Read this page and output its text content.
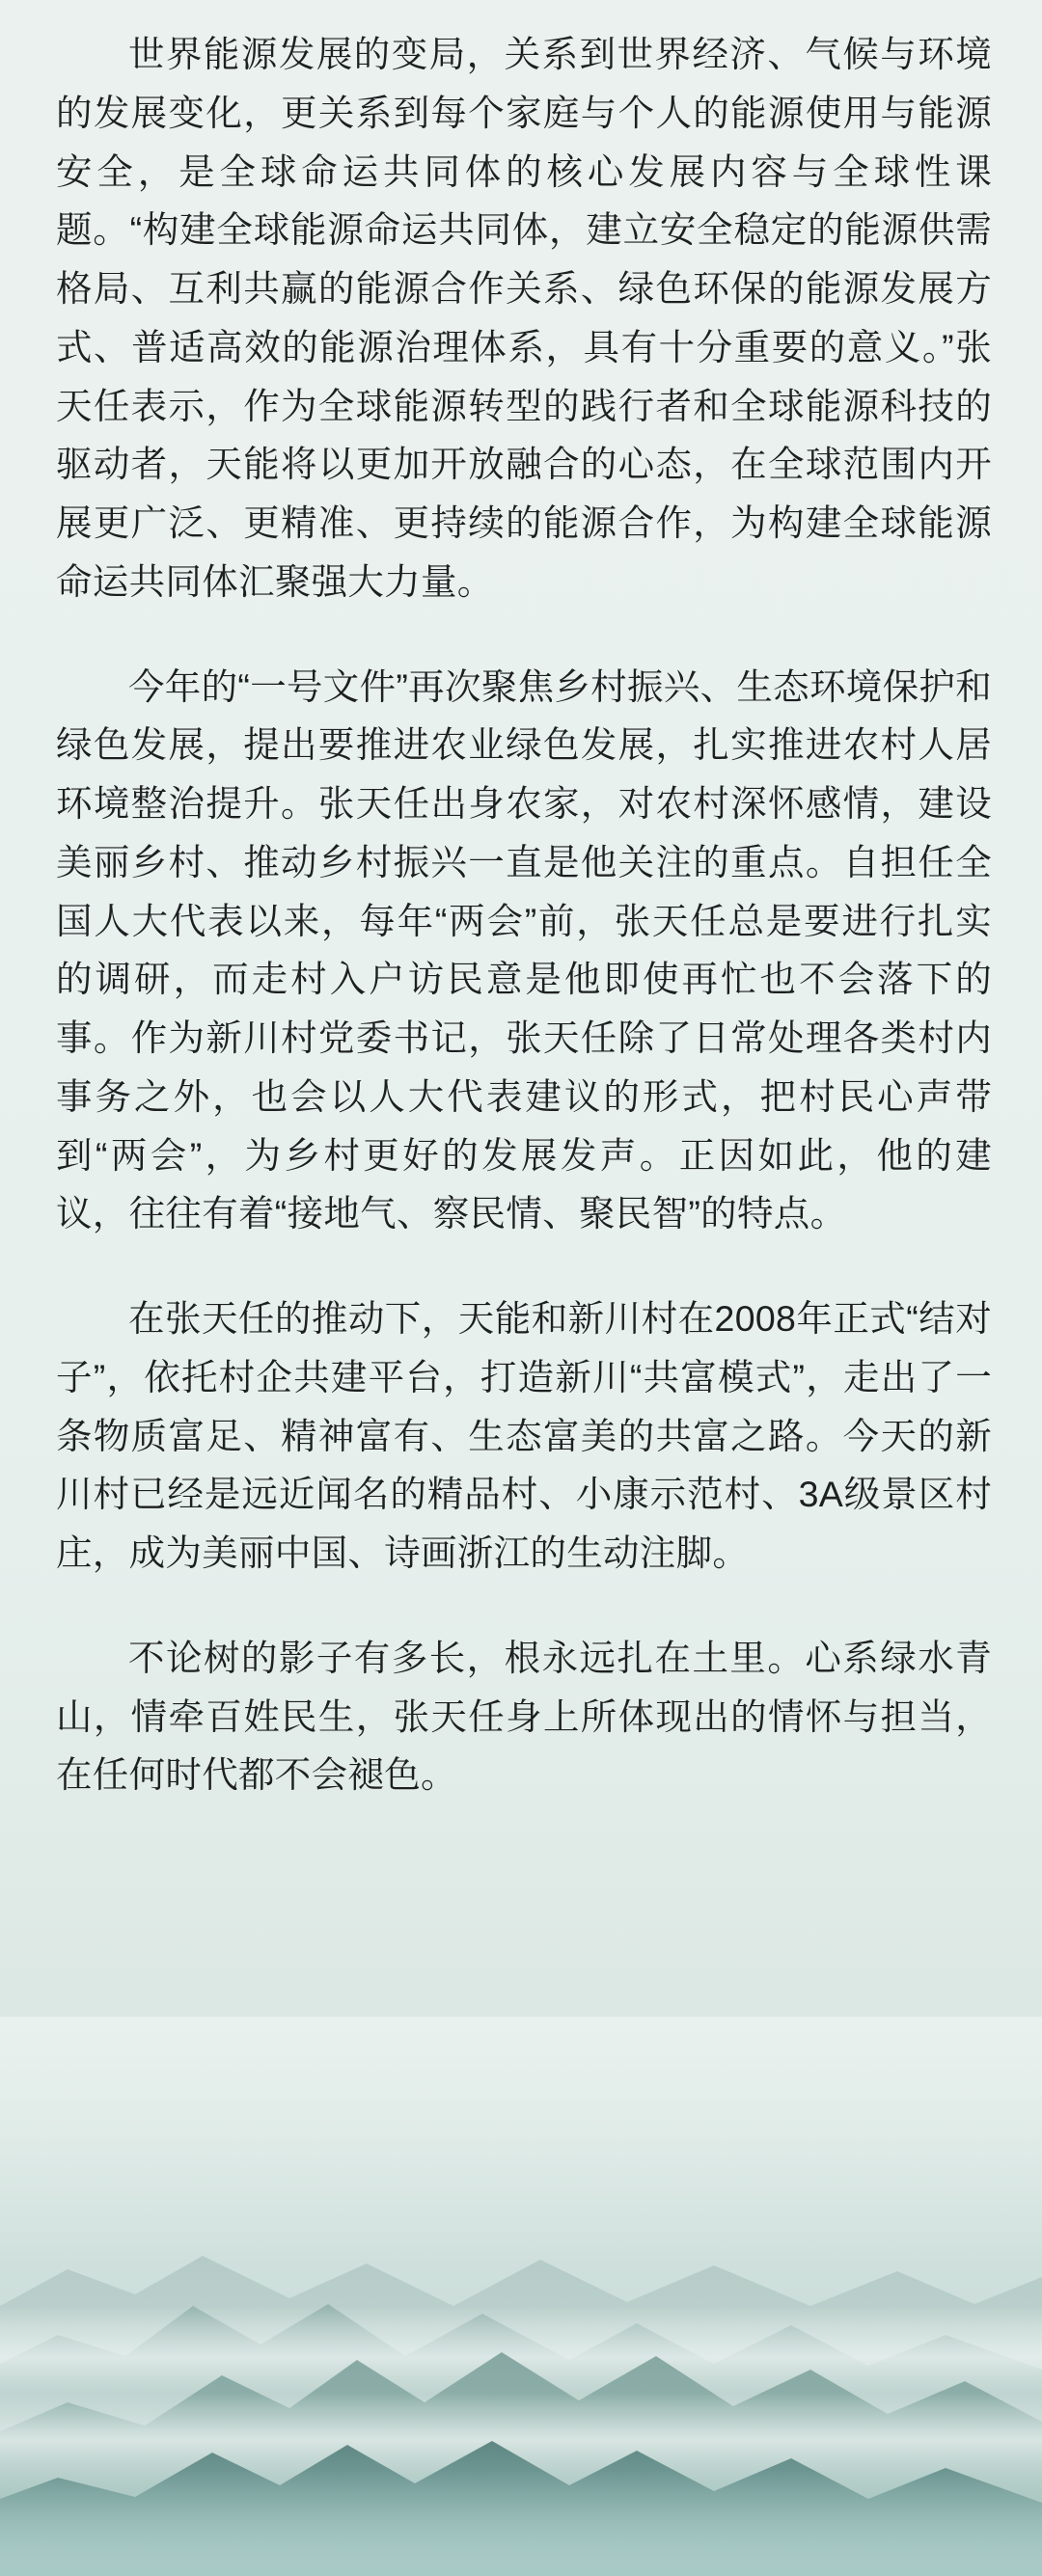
世界能源发展的变局，关系到世界经济、气候与环境的发展变化，更关系到每个家庭与个人的能源使用与能源安全，是全球命运共同体的核心发展内容与全球性课题。“构建全球能源命运共同体，建立安全稳定的能源供需格局、互利共赢的能源合作关系、绿色环保的能源发展方式、普适高效的能源治理体系，具有十分重要的意义。”张天任表示，作为全球能源转型的践行者和全球能源科技的驱动者，天能将以更加开放融合的心态，在全球范围内开展更广泛、更精准、更持续的能源合作，为构建全球能源命运共同体汇聚强大力量。

今年的“一号文件”再次聚焦乡村振兴、生态环境保护和绿色发展，提出要推进农业绿色发展，扎实推进农村人居环境整治提升。张天任出身农家，对农村深怀感情，建设美丽乡村、推动乡村振兴一直是他关注的重点。自担任全国人大代表以来，每年“两会”前，张天任总是要进行扎实的调研，而走村入户访民意是他即使再忙也不会落下的事。作为新川村党委书记，张天任除了日常处理各类村内事务之外，也会以人大代表建议的形式，把村民心声带到“两会”，为乡村更好的发展发声。正因如此，他的建议，往往有着“接地气、察民情、聚民智”的特点。

在张天任的推动下，天能和新川村在2008年正式“结对子”，依托村企共建平台，打造新川“共富模式”，走出了一条物质富足、精神富有、生态富美的共富之路。今天的新川村已经是远近闻名的精品村、小康示范村、3A级景区村庄，成为美丽中国、诗画浙江的生动注脚。

不论树的影子有多长，根永远扎在土里。心系绿水青山，情牵百姓民生，张天任身上所体现出的情怀与担当，在任何时代都不会褪色。
